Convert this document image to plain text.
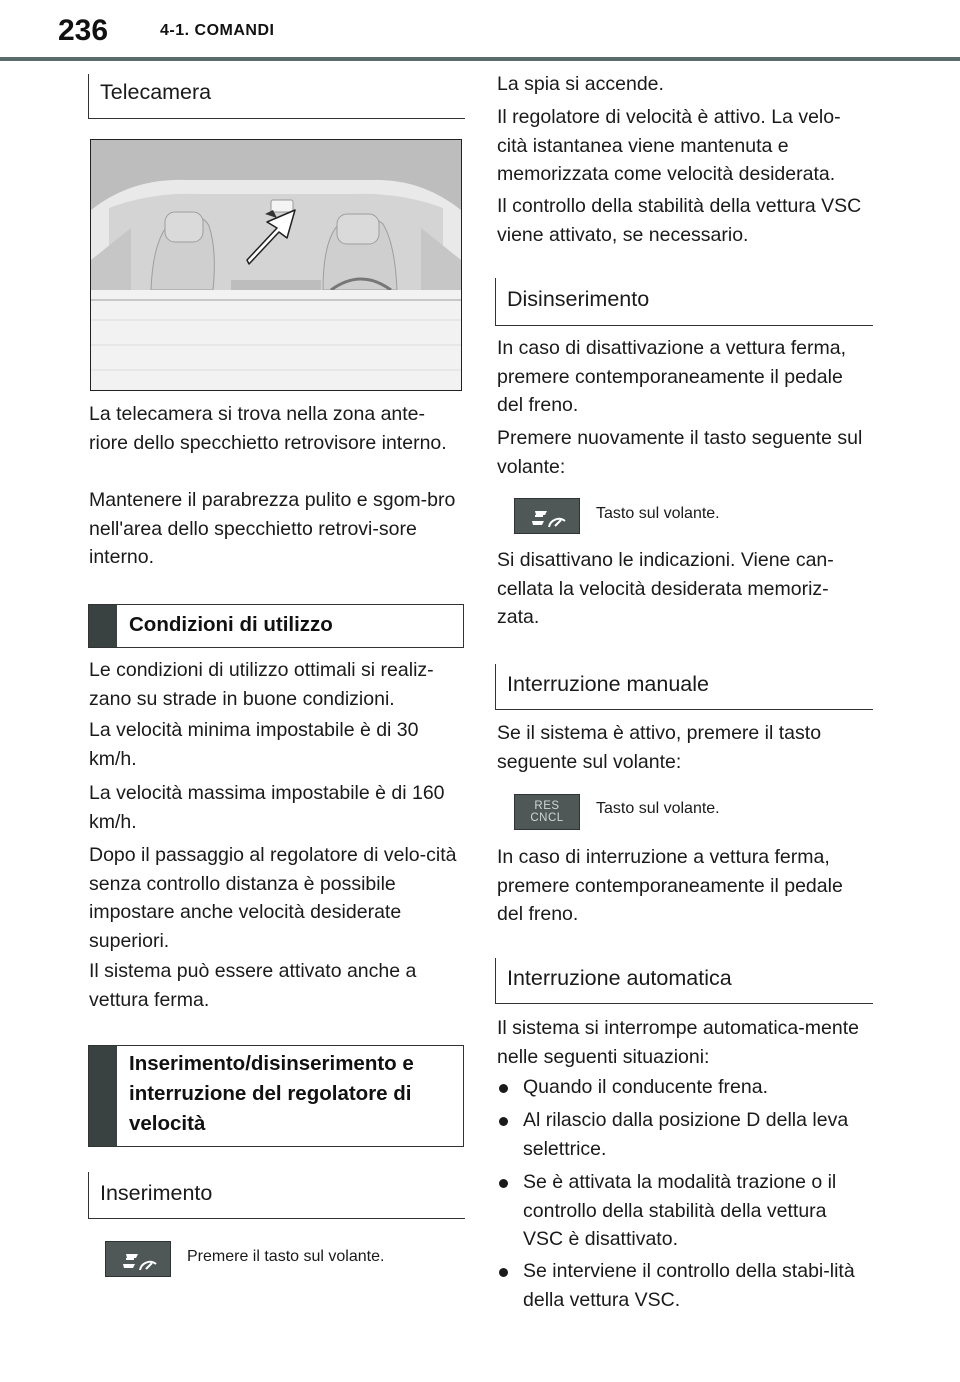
236	4-1. COMANDI
Telecamera

La telecamera si trova nella zona ante-riore dello specchietto retrovisore interno.

Mantenere il parabrezza pulito e sgom-bro nell'area dello specchietto retrovi-sore interno.

Condizioni di utilizzo

Le condizioni di utilizzo ottimali si realiz-zano su strade in buone condizioni.

La velocità minima impostabile è di 30 km/h.

La velocità massima impostabile è di 160 km/h.

Dopo il passaggio al regolatore di velo-cità senza controllo distanza è possibile impostare anche velocità desiderate superiori.

Il sistema può essere attivato anche a vettura ferma.

Inserimento/disinserimento e interruzione del regolatore di velocità
Inserimento
Premere il tasto sul volante.

La spia si accende.

Il regolatore di velocità è attivo. La velo-cità istantanea viene mantenuta e memorizzata come velocità desiderata.

Il controllo della stabilità della vettura VSC viene attivato, se necessario.

Disinserimento

In caso di disattivazione a vettura ferma, premere contemporaneamente il pedale del freno.

Premere nuovamente il tasto seguente sul volante:

Tasto sul volante.

Si disattivano le indicazioni. Viene can-cellata la velocità desiderata memoriz-zata.

Interruzione manuale

Se il sistema è attivo, premere il tasto seguente sul volante:

RES
CNCL
Tasto sul volante.

In caso di interruzione a vettura ferma, premere contemporaneamente il pedale del freno.

Interruzione automatica

Il sistema si interrompe automatica-mente nelle seguenti situazioni:

Quando il conducente frena.
Al rilascio dalla posizione D della leva selettrice.
Se è attivata la modalità trazione o il controllo della stabilità della vettura VSC è disattivato.
Se interviene il controllo della stabi-lità della vettura VSC.
